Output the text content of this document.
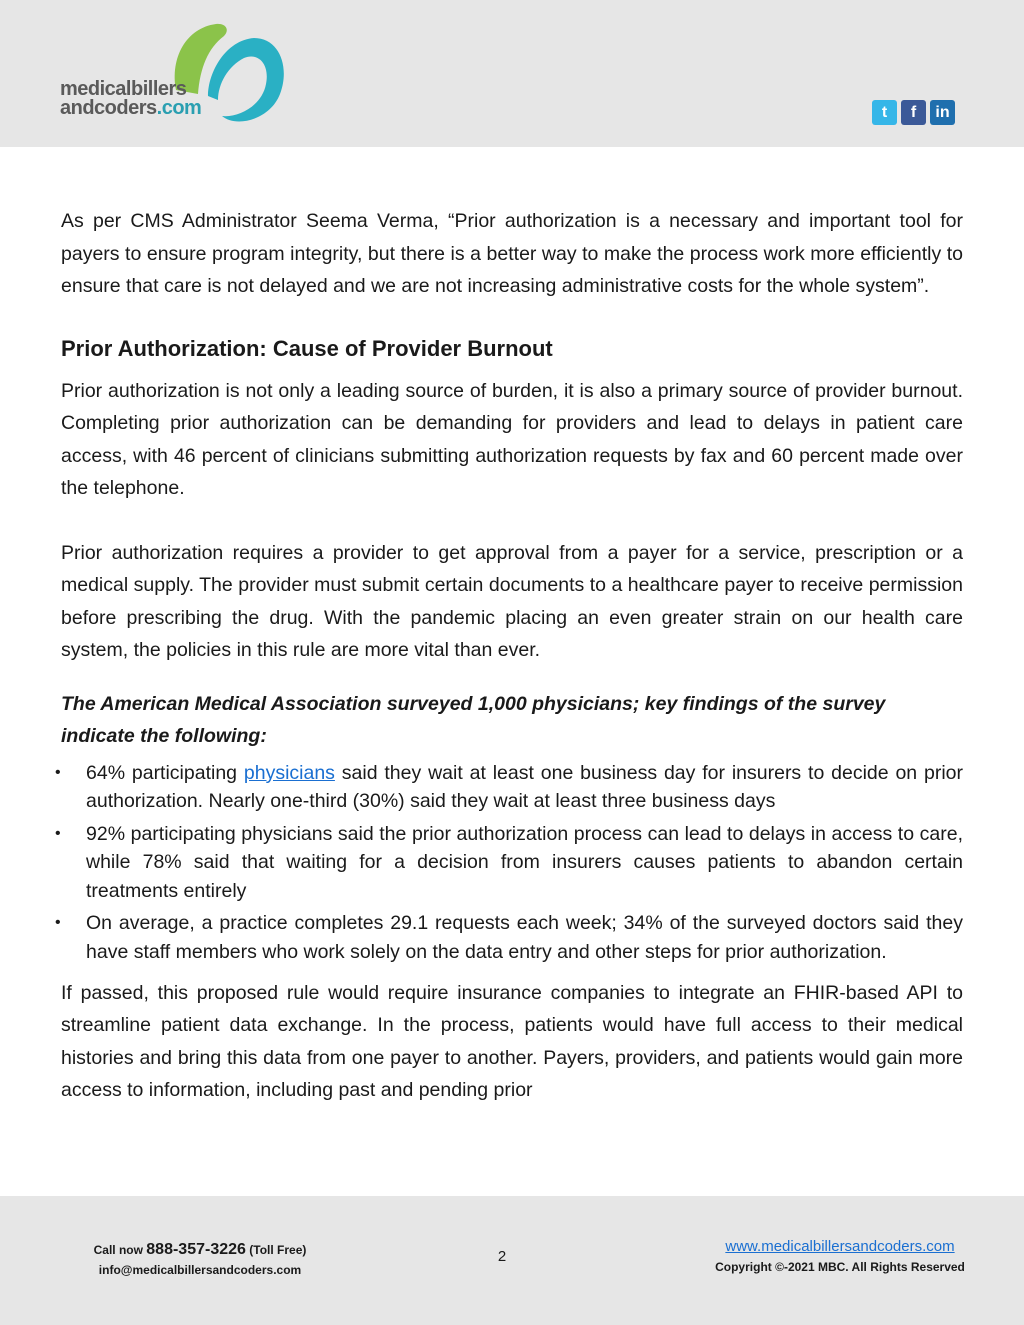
medicalbillers
andcoders.com	t	f	in

As per CMS Administrator Seema Verma, “Prior authorization is a necessary and important tool for payers to ensure program integrity, but there is a better way to make the process work more efficiently to ensure that care is not delayed and we are not increasing administrative costs for the whole system”.

Prior Authorization: Cause of Provider Burnout

Prior authorization is not only a leading source of burden, it is also a primary source of provider burnout. Completing prior authorization can be demanding for providers and lead to delays in patient care access, with 46 percent of clinicians submitting authorization requests by fax and 60 percent made over the telephone.

Prior authorization requires a provider to get approval from a payer for a service, prescription or a medical supply. The provider must submit certain documents to a healthcare payer to receive permission before prescribing the drug. With the pandemic placing an even greater strain on our health care system, the policies in this rule are more vital than ever.

The American Medical Association surveyed 1,000 physicians; key findings of the survey indicate the following:

• 64% participating physicians said they wait at least one business day for insurers to decide on prior authorization. Nearly one-third (30%) said they wait at least three business days
• 92% participating physicians said the prior authorization process can lead to delays in access to care, while 78% said that waiting for a decision from insurers causes patients to abandon certain treatments entirely
• On average, a practice completes 29.1 requests each week; 34% of the surveyed doctors said they have staff members who work solely on the data entry and other steps for prior authorization.

If passed, this proposed rule would require insurance companies to integrate an FHIR-based API to streamline patient data exchange. In the process, patients would have full access to their medical histories and bring this data from one payer to another. Payers, providers, and patients would gain more access to information, including past and pending prior

Call now 888-357-3226 (Toll Free)
info@medicalbillersandcoders.com
2
www.medicalbillersandcoders.com
Copyright ©-2021 MBC. All Rights Reserved
